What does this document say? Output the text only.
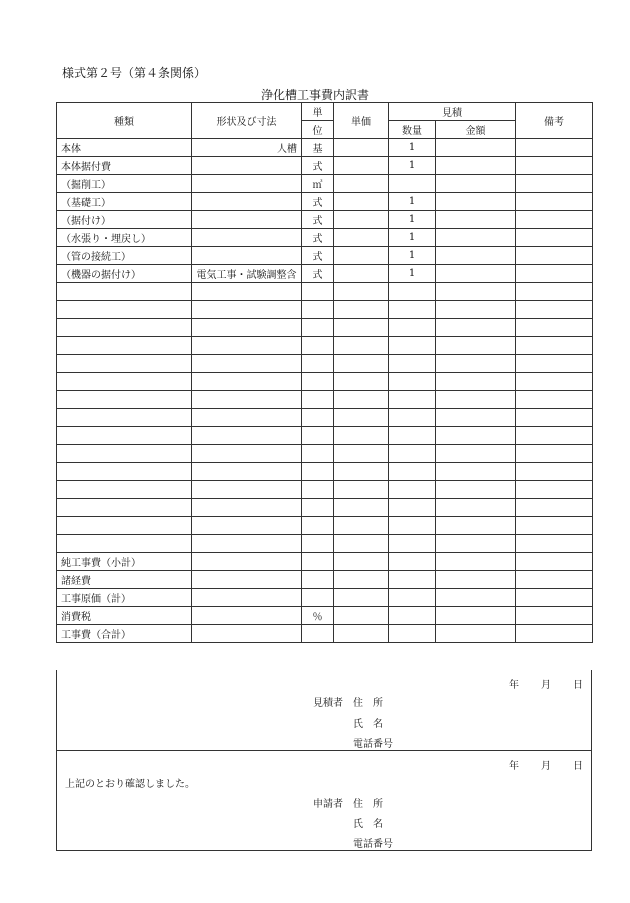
様式第２号（第４条関係）
浄化槽工事費内訳書
種類	形状及び寸法	単	単価	見積		備考
		位		数量	金額	
本体	人槽	基		1		
本体据付費		式		1		
（掘削工）		㎥				
（基礎工）		式		1		
（据付け）		式		1		
（水張り・埋戻し）		式		1		
（管の接続工）		式		1		
（機器の据付け）	電気工事・試験調整含	式		1		

純工事費（小計）						
諸経費						
工事原価（計）						
消費税		％				
工事費（合計）						
年 月 日
見積者 住　所
氏　名
電話番号
年 月 日
上記のとおり確認しました。
申請者 住　所
氏　名
電話番号
